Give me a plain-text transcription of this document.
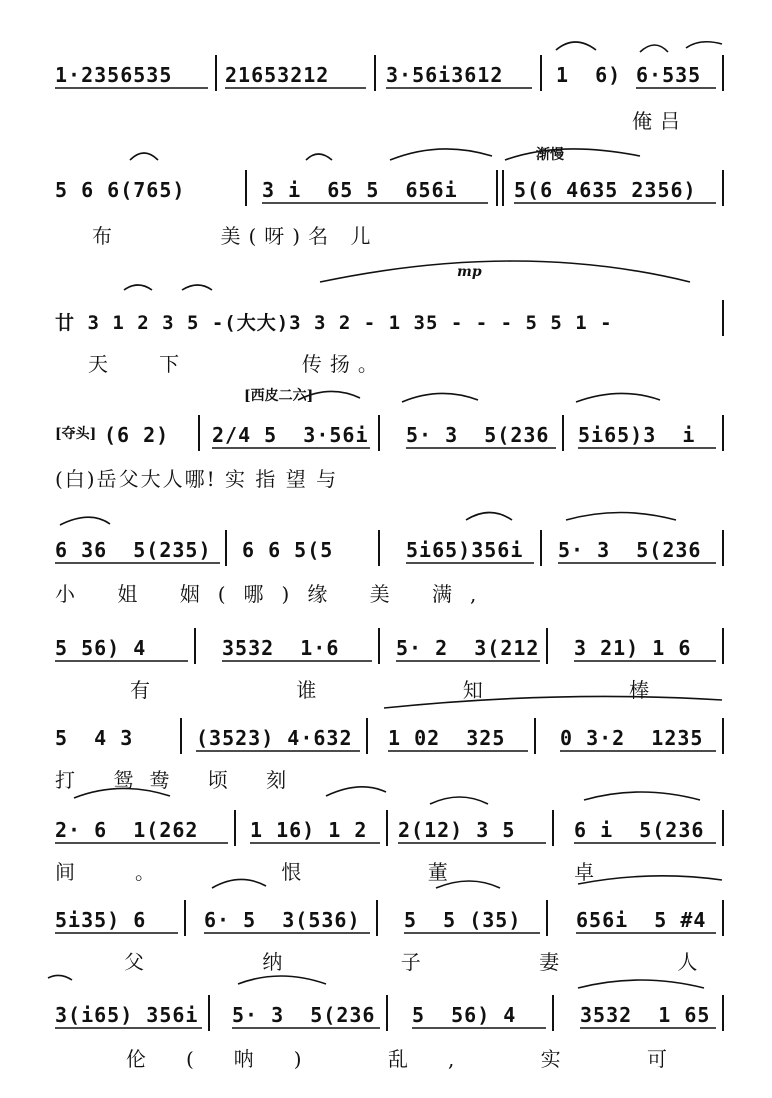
1·2356535	21653212	3·56i3612	1  6) 6·535
俺吕
渐慢
5 6 6(765)	3 i  65 5  656i	5(6 4635 2356)
布       美(呀)名 儿
mp
廿 3 1 2 3 5 -(大大)3 3 2 - 1 35 - - - 5 5 1 -
天   下        传扬。
[西皮二六]
[夺头] (6 2) 2/4 5  3·56i 5· 3  5(236 5i65)3  i
(白)岳父大人哪! 实 指 望 与
6 36  5(235) 6 6 5(5	5i65)356i 5· 3  5(236
小 姐 姻(哪)缘 美 满,
5 56) 4	3532  1·6	5· 2  3(212 3 21) 1 6
有 谁 知 棒
5  4 3	(3523) 4·632 1 02  325	0 3·2  1235
打 鸳鸯 顷 刻
2· 6  1(262	1 16) 1 2 2(12) 3 5	6 i  5(236
间。 恨 董 卓
5i35) 6	6· 5  3(536) 5  5 (35)	656i  5 #4
父 纳 子 妻 人
3(i65) 356i 5· 3  5(236 5  56) 4	3532  1 65
伦(呐) 乱, 实 可
